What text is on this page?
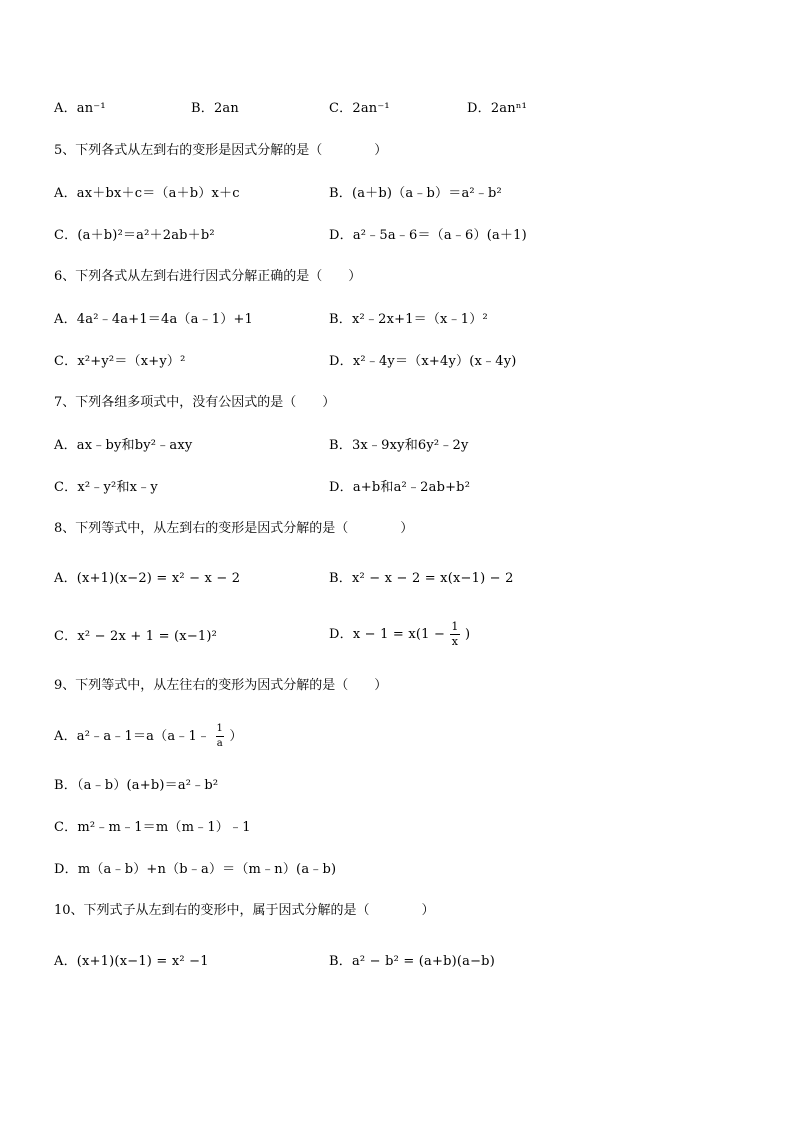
A．an⁻¹	B．2an	C．2an⁻¹	D．2anⁿ¹
5、下列各式从左到右的变形是因式分解的是（　　　　）
A．ax＋bx＋c＝（a＋b）x＋c	B．(a＋b)（a﹣b）＝a²﹣b²
C．(a＋b)²＝a²＋2ab＋b²	D．a²﹣5a﹣6＝（a﹣6）(a＋1)
6、下列各式从左到右进行因式分解正确的是（　　）
A．4a²﹣4a+1＝4a（a﹣1）+1	B．x²﹣2x+1＝（x﹣1）²
C．x²+y²＝（x+y）²	D．x²﹣4y＝（x+4y）(x﹣4y)
7、下列各组多项式中，没有公因式的是（　　）
A．ax﹣by和by²﹣axy	B．3x﹣9xy和6y²﹣2y
C．x²﹣y²和x﹣y	D．a+b和a²﹣2ab+b²
8、下列等式中，从左到右的变形是因式分解的是（　　　　）
A．(x+1)(x−2) = x² − x − 2	B．x² − x − 2 = x(x−1) − 2
C．x² − 2x + 1 = (x−1)²	D．$x - 1 = x(1 - \frac{1}{x}$ )
9、下列等式中，从左往右的变形为因式分解的是（　　）
A．a²﹣a﹣1＝a（a﹣1﹣ $\frac{1}{a}$ ）
B．（a﹣b）(a+b)＝a²﹣b²
C．m²﹣m﹣1＝m（m﹣1）﹣1
D．m（a﹣b）+n（b﹣a）＝（m﹣n）(a﹣b)
10、下列式子从左到右的变形中，属于因式分解的是（　　　　）
A．(x+1)(x−1) = x² −1	B．a² − b² = (a+b)(a−b)
